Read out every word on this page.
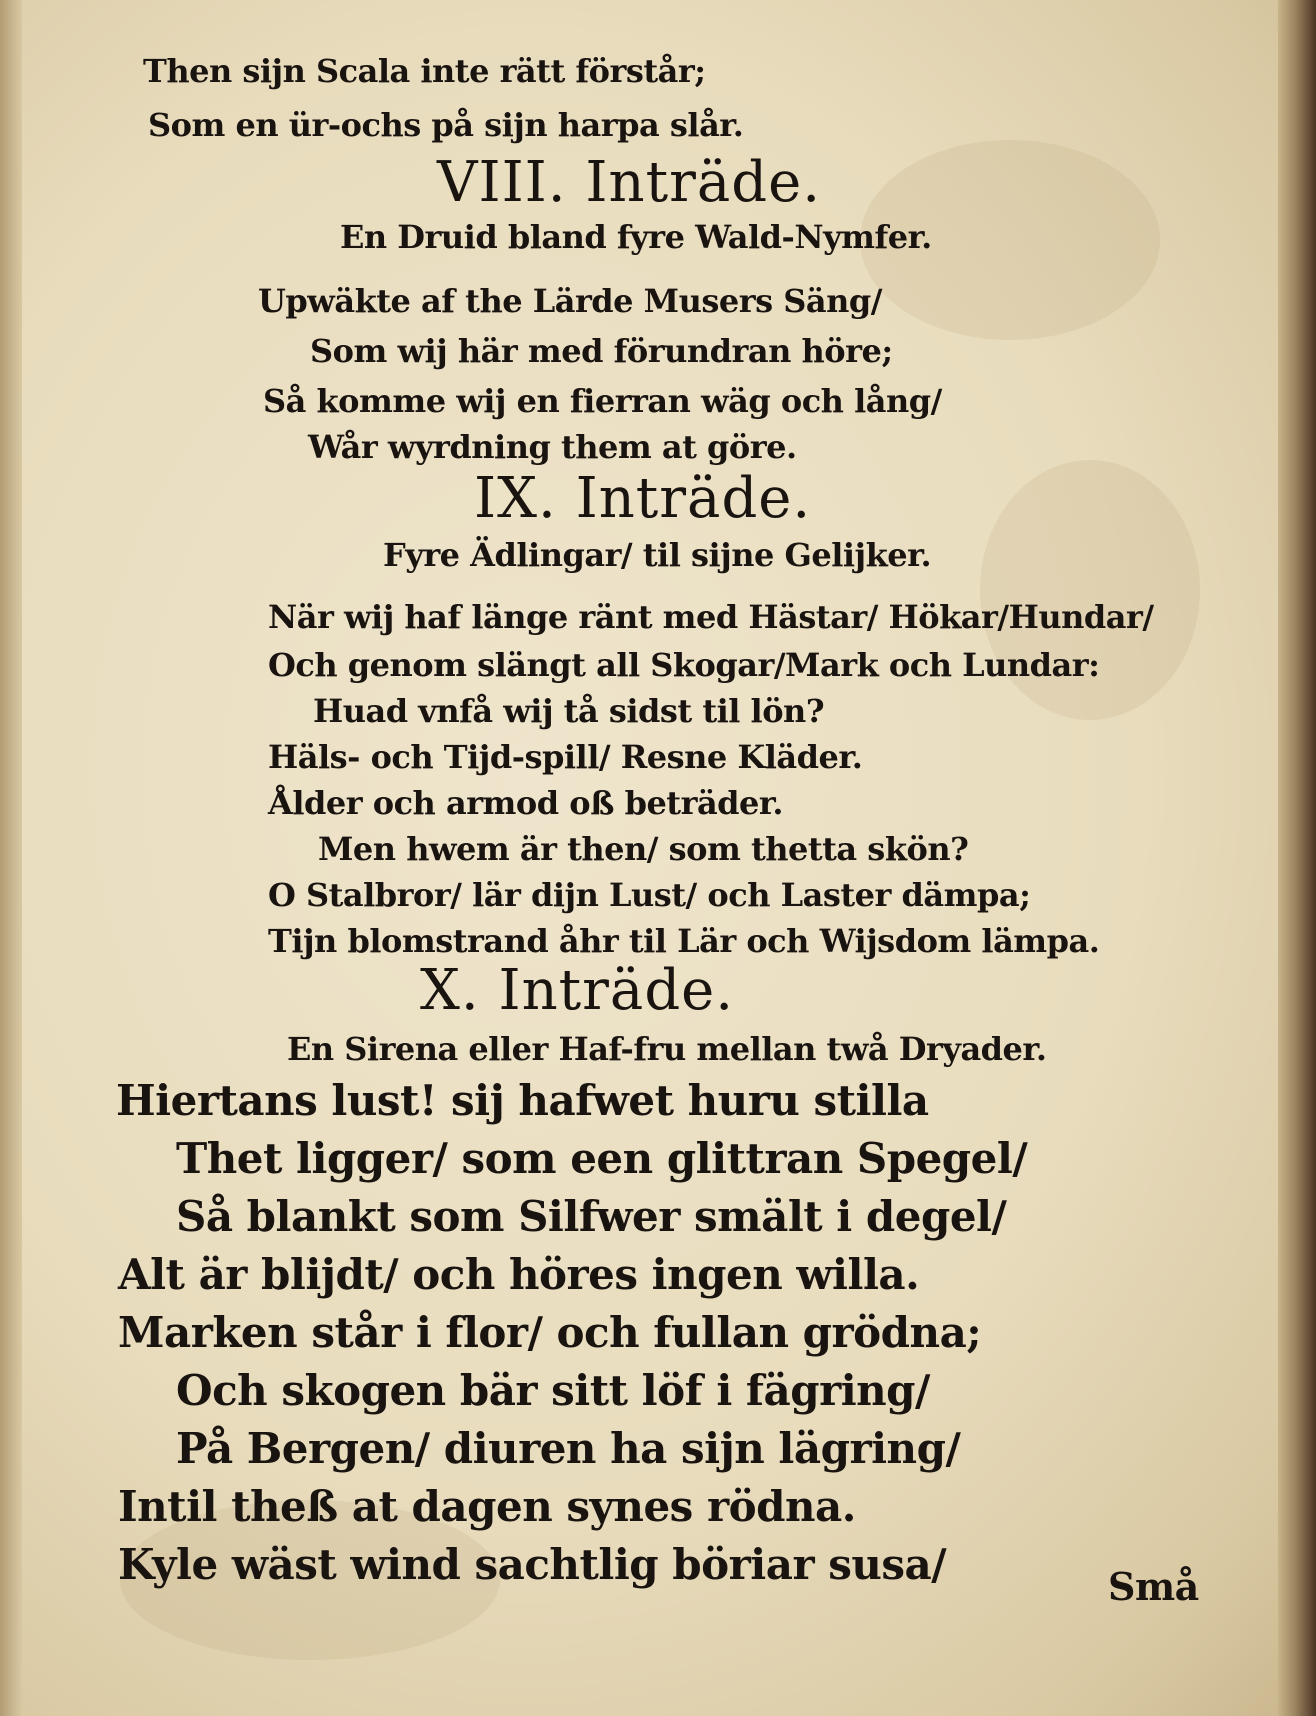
Then sijn Scala inte rätt förstår;
Som en ür-ochs på sijn harpa slår.
VIII. Inträde.
En Druid bland fyre Wald-Nymfer.
Upwäkte af the Lärde Musers Säng/
Som wij här med förundran höre;
Så komme wij en fierran wäg och lång/
Wår wyrdning them at göre.
IX. Inträde.
Fyre Ädlingar/ til sijne Gelijker.
När wij haf länge ränt med Hästar/ Hökar/Hundar/
Och genom slängt all Skogar/Mark och Lundar:
Huad vnfå wij tå sidst til lön?
Häls- och Tijd-spill/ Resne Kläder.
Ålder och armod oß beträder.
Men hwem är then/ som thetta skön?
O Stalbror/ lär dijn Lust/ och Laster dämpa;
Tijn blomstrand åhr til Lär och Wijsdom lämpa.
X. Inträde.
En Sirena eller Haf-fru mellan twå Dryader.
Hiertans lust! sij hafwet huru stilla
Thet ligger/ som een glittran Spegel/
Så blankt som Silfwer smält i degel/
Alt är blijdt/ och höres ingen willa.
Marken står i flor/ och fullan grödna;
Och skogen bär sitt löf i fägring/
På Bergen/ diuren ha sijn lägring/
Intil theß at dagen synes rödna.
Kyle wäst wind sachtlig böriar susa/	Små
